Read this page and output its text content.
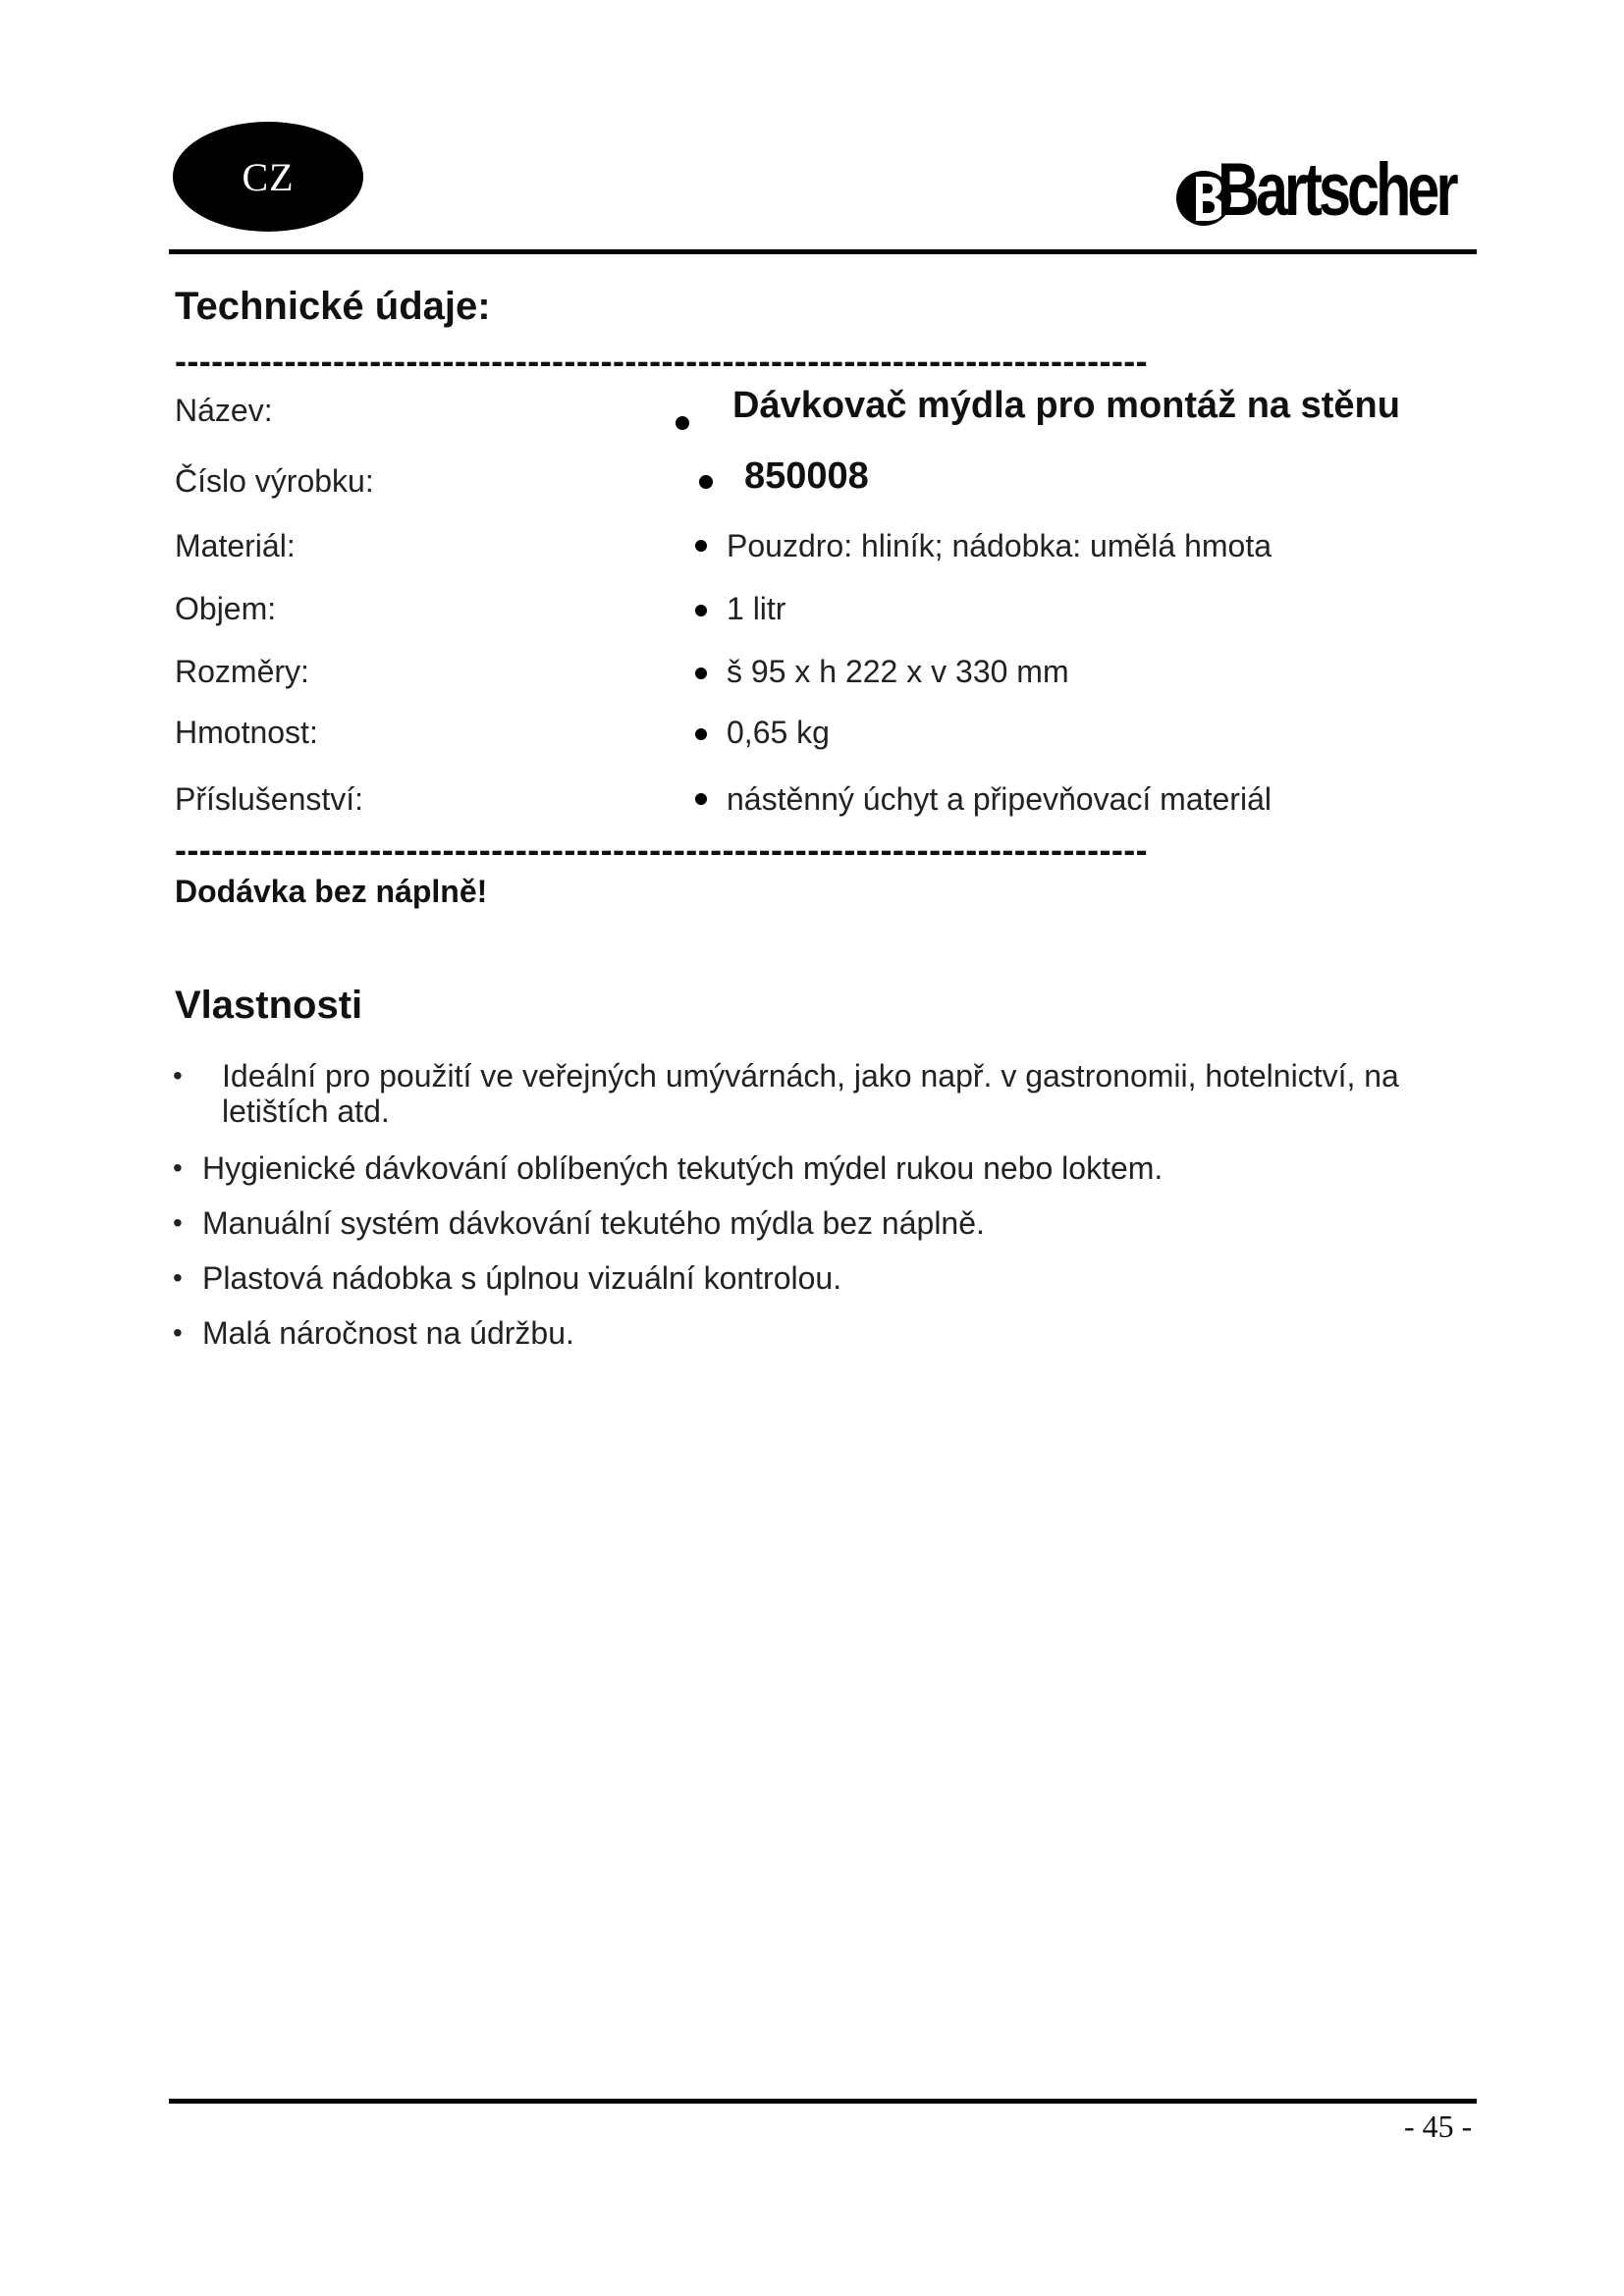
CZ	Bartscher
Technické údaje:
--------------------------------------------------------------------------------
Název:	Dávkovač mýdla pro montáž na stěnu
Číslo výrobku:	850008
Materiál:	Pouzdro: hliník; nádobka: umělá hmota
Objem:	1 litr
Rozměry:	š 95 x h 222 x v 330 mm
Hmotnost:	0,65 kg
Příslušenství:	nástěnný úchyt a připevňovací materiál
--------------------------------------------------------------------------------
Dodávka bez náplně!
Vlastnosti
• Ideální pro použití ve veřejných umývárnách, jako např. v gastronomii, hotelnictví, na
letištích atd.
• Hygienické dávkování oblíbených tekutých mýdel rukou nebo loktem.
• Manuální systém dávkování tekutého mýdla bez náplně.
• Plastová nádobka s úplnou vizuální kontrolou.
• Malá náročnost na údržbu.
- 45 -
